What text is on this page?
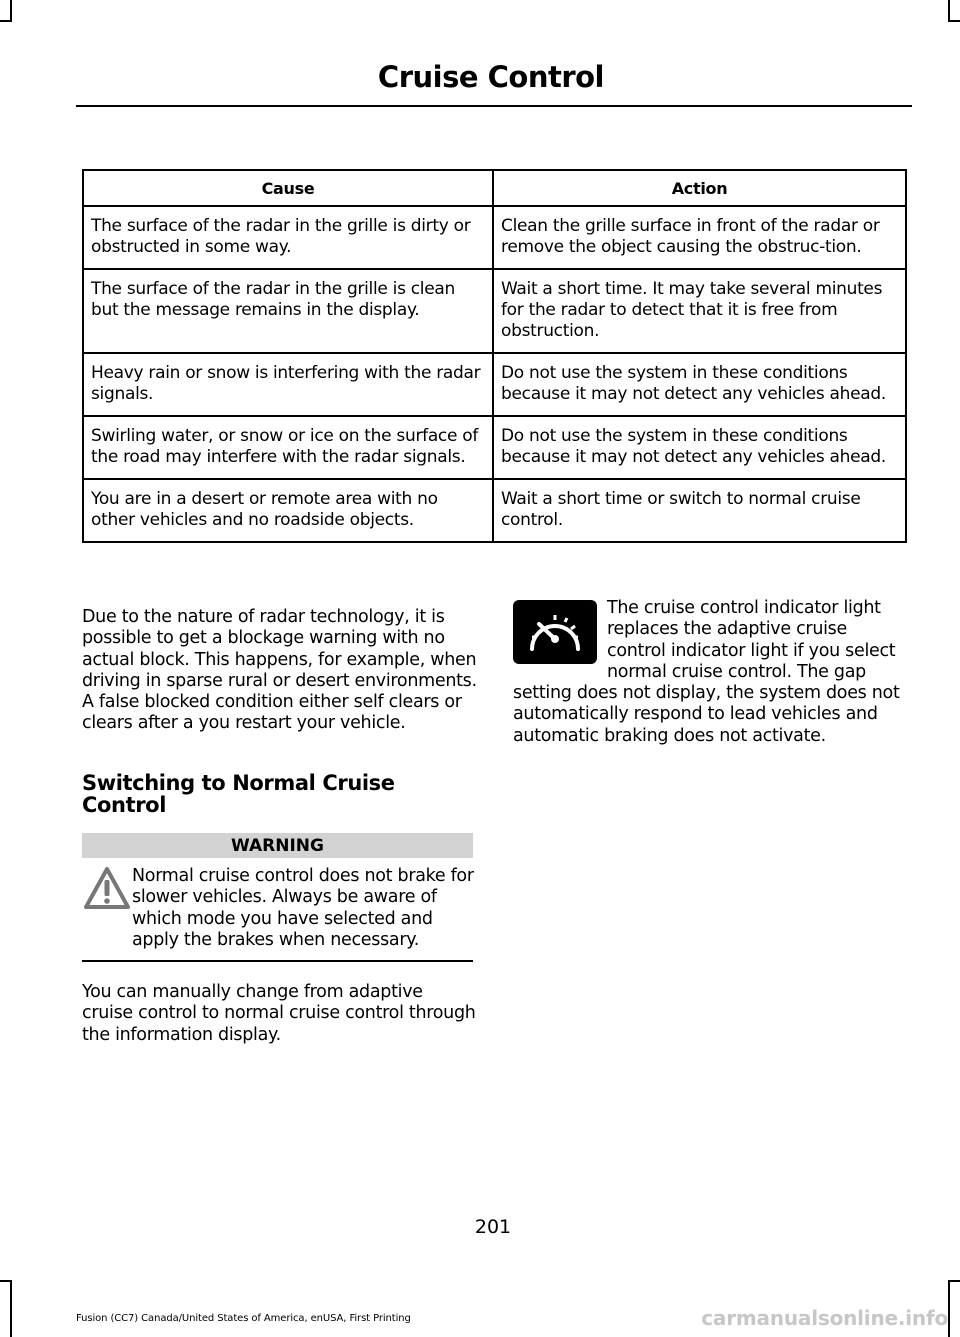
Cruise Control
Cause	Action
The surface of the radar in the grille is dirty or obstructed in some way.	Clean the grille surface in front of the radar or remove the object causing the obstruc-tion.
The surface of the radar in the grille is clean but the message remains in the display.	Wait a short time. It may take several minutes for the radar to detect that it is free from obstruction.
Heavy rain or snow is interfering with the radar signals.	Do not use the system in these conditions because it may not detect any vehicles ahead.
Swirling water, or snow or ice on the surface of the road may interfere with the radar signals.	Do not use the system in these conditions because it may not detect any vehicles ahead.
You are in a desert or remote area with no other vehicles and no roadside objects.	Wait a short time or switch to normal cruise control.
Due to the nature of radar technology, it is possible to get a blockage warning with no actual block. This happens, for example, when driving in sparse rural or desert environments. A false blocked condition either self clears or clears after a you restart your vehicle.
Switching to Normal Cruise Control
WARNING
Normal cruise control does not brake for slower vehicles. Always be aware of which mode you have selected and apply the brakes when necessary.
You can manually change from adaptive cruise control to normal cruise control through the information display.
The cruise control indicator light replaces the adaptive cruise control indicator light if you select normal cruise control. The gap setting does not display, the system does not automatically respond to lead vehicles and automatic braking does not activate.
201
Fusion (CC7) Canada/United States of America, enUSA, First Printing	carmanualsonline.info
